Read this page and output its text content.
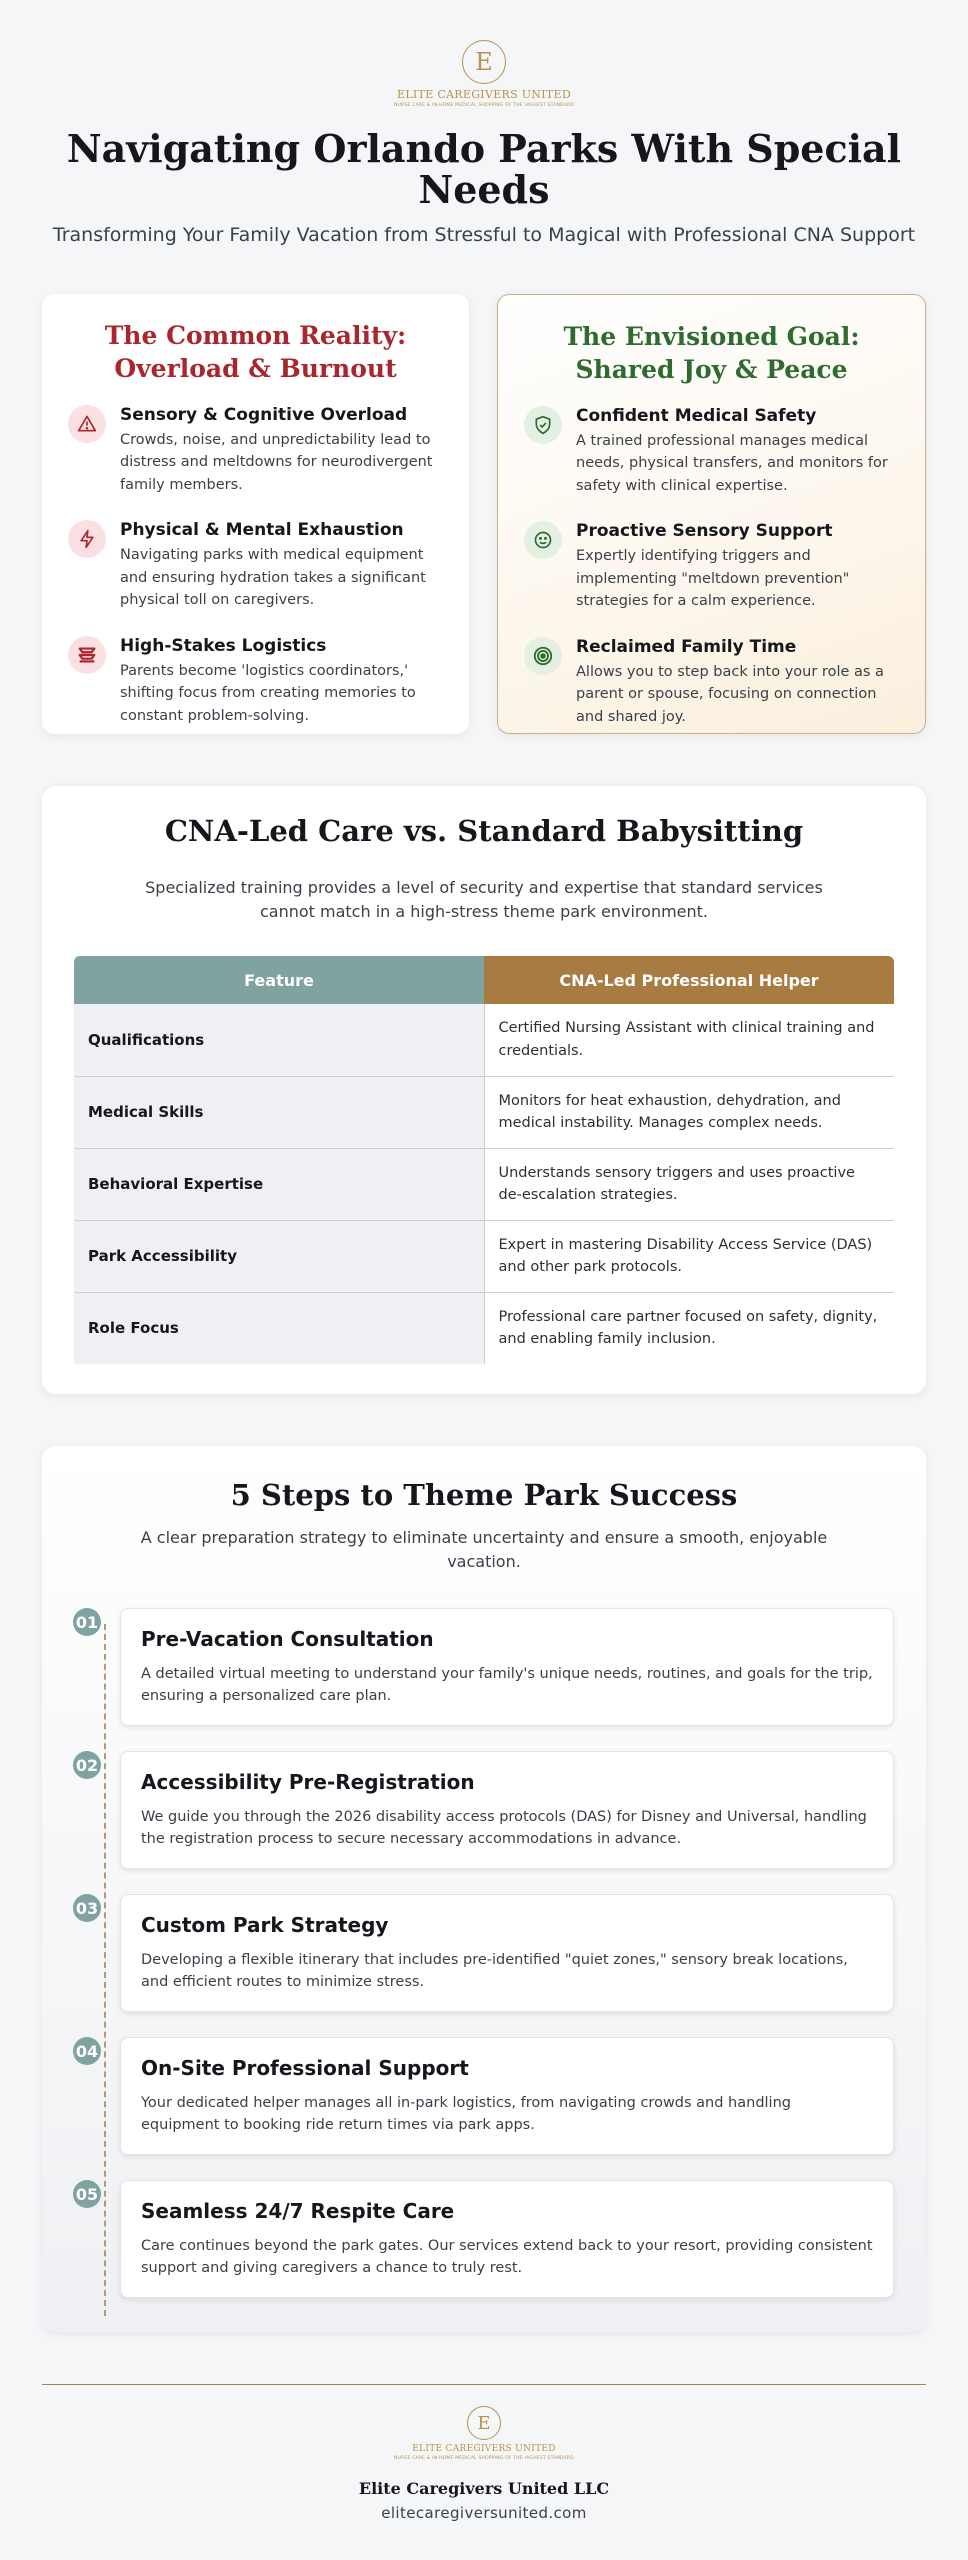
E
ELITE CAREGIVERS UNITED
NURSE CARE & IN-HOME MEDICAL SHOPPING OF THE HIGHEST STANDARD
Navigating Orlando Parks With Special Needs

Transforming Your Family Vacation from Stressful to Magical with Professional CNA Support

The Common Reality: Overload & Burnout
Sensory & Cognitive Overload
Crowds, noise, and unpredictability lead to distress and meltdowns for neurodivergent family members.
Physical & Mental Exhaustion
Navigating parks with medical equipment and ensuring hydration takes a significant physical toll on caregivers.
High-Stakes Logistics
Parents become 'logistics coordinators,' shifting focus from creating memories to constant problem-solving.
The Envisioned Goal: Shared Joy & Peace
Confident Medical Safety
A trained professional manages medical needs, physical transfers, and monitors for safety with clinical expertise.
Proactive Sensory Support
Expertly identifying triggers and implementing "meltdown prevention" strategies for a calm experience.
Reclaimed Family Time
Allows you to step back into your role as a parent or spouse, focusing on connection and shared joy.
CNA-Led Care vs. Standard Babysitting

Specialized training provides a level of security and expertise that standard services cannot match in a high-stress theme park environment.

Feature	CNA-Led Professional Helper
Qualifications	Certified Nursing Assistant with clinical training and credentials.
Medical Skills	Monitors for heat exhaustion, dehydration, and medical instability. Manages complex needs.
Behavioral Expertise	Understands sensory triggers and uses proactive de-escalation strategies.
Park Accessibility	Expert in mastering Disability Access Service (DAS) and other park protocols.
Role Focus	Professional care partner focused on safety, dignity, and enabling family inclusion.
5 Steps to Theme Park Success

A clear preparation strategy to eliminate uncertainty and ensure a smooth, enjoyable vacation.

01
Pre-Vacation Consultation
A detailed virtual meeting to understand your family's unique needs, routines, and goals for the trip, ensuring a personalized care plan.
02
Accessibility Pre-Registration
We guide you through the 2026 disability access protocols (DAS) for Disney and Universal, handling the registration process to secure necessary accommodations in advance.
03
Custom Park Strategy
Developing a flexible itinerary that includes pre-identified "quiet zones," sensory break locations, and efficient routes to minimize stress.
04
On-Site Professional Support
Your dedicated helper manages all in-park logistics, from navigating crowds and handling equipment to booking ride return times via park apps.
05
Seamless 24/7 Respite Care
Care continues beyond the park gates. Our services extend back to your resort, providing consistent support and giving caregivers a chance to truly rest.
E
ELITE CAREGIVERS UNITED
NURSE CARE & IN-HOME MEDICAL SHOPPING OF THE HIGHEST STANDARD
Elite Caregivers United LLC
elitecaregiversunited.com
